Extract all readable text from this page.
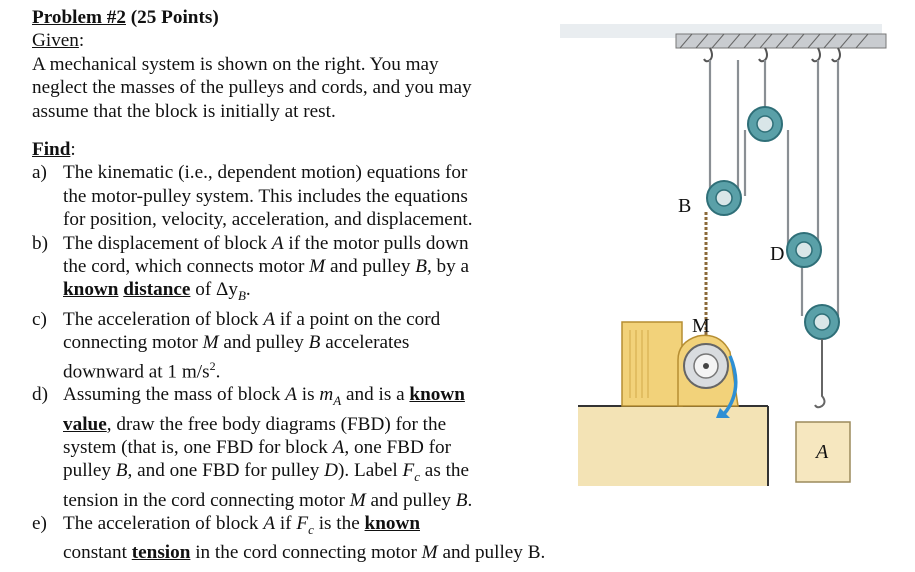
Problem #2 (25 Points)
Given:
A mechanical system is shown on the right. You may
neglect the masses of the pulleys and cords, and you may
assume that the block is initially at rest.
Find:
a) The kinematic (i.e., dependent motion) equations for
the motor-pulley system. This includes the equations
for position, velocity, acceleration, and displacement.
b) The displacement of block A if the motor pulls down
the cord, which connects motor M and pulley B, by a
known distance of $\Delta y_B$.
c) The acceleration of block A if a point on the cord
connecting motor M and pulley B accelerates
downward at 1 $m/s^2$.
d) Assuming the mass of block A is $m_A$ and is a known
value, draw the free body diagrams (FBD) for the
system (that is, one FBD for block A, one FBD for
pulley B, and one FBD for pulley D). Label $F_c$ as the
tension in the cord connecting motor M and pulley B.
e) The acceleration of block A if $F_c$ is the known
constant tension in the cord connecting motor M and pulley B.
B
D
M
A
